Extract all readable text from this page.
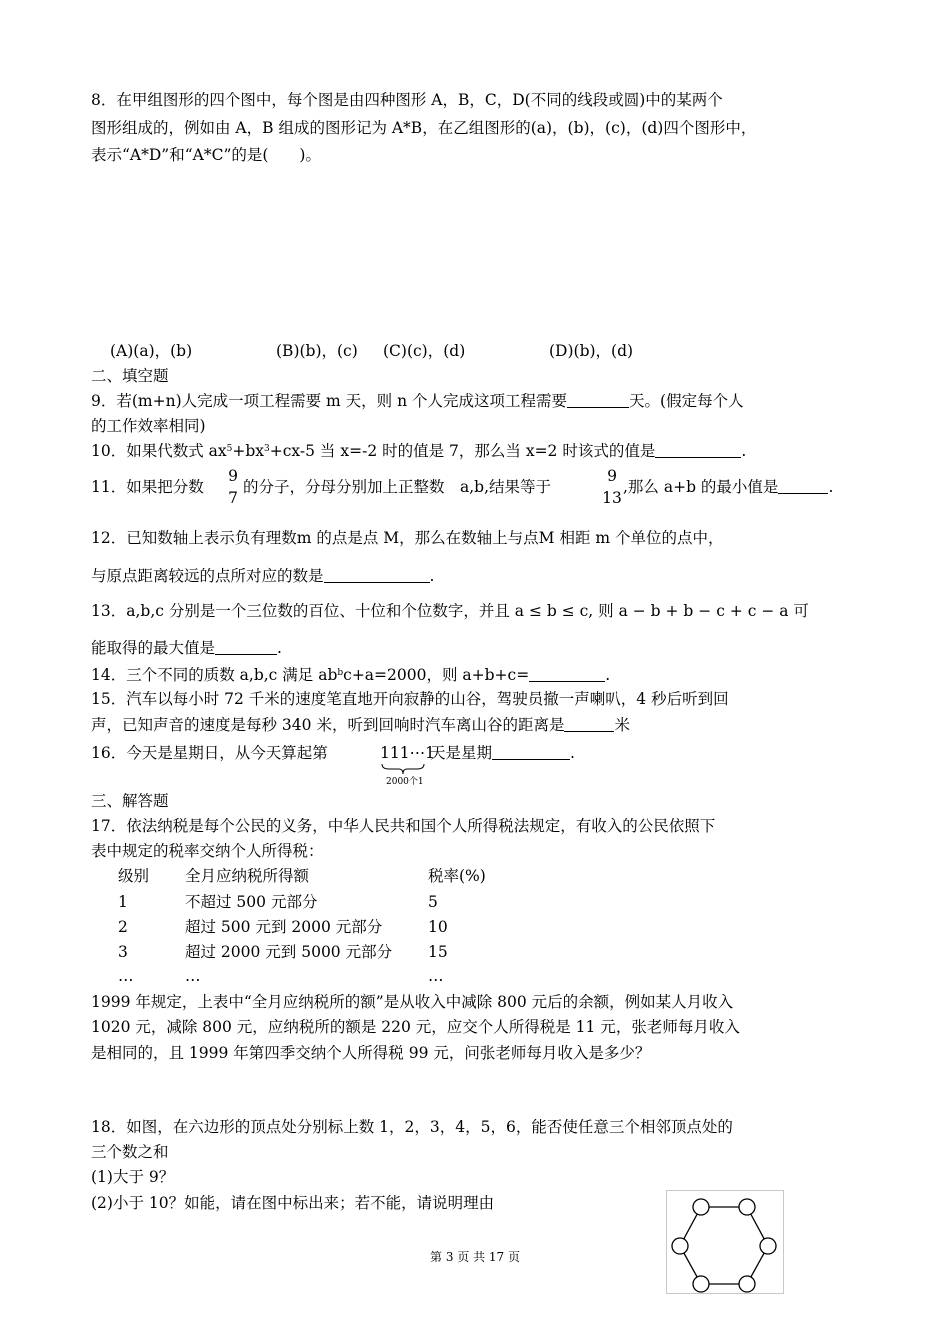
8．在甲组图形的四个图中，每个图是由四种图形 A，B，C，D(不同的线段或圆)中的某两个
图形组成的，例如由 A，B 组成的图形记为 A*B，在乙组图形的(a)，(b)，(c)，(d)四个图形中，
表示“A*D”和“A*C”的是(　　)。
(A)(a)，(b)	(B)(b)，(c) (C)(c)，(d)	(D)(b)，(d)
二、填空题
9．若(m+n)人完成一项工程需要 m 天，则 n 个人完成这项工程需要	天。(假定每个人
的工作效率相同)
10．如果代数式 $ax^5+bx^3+cx-5$ 当 x=-2 时的值是 7，那么当 x=2 时该式的值是	.
11．如果把分数
9
7
的分子，分母分别加上正整数　a,b,结果等于
9
13
,那么 a+b 的最小值是	.
12．已知数轴上表示负有理数m 的点是点 M，那么在数轴上与点M 相距 m 个单位的点中，
与原点距离较远的点所对应的数是	.
13．a,b,c 分别是一个三位数的百位、十位和个位数字，并且 a ≤ b ≤ c, 则 a − b + b − c + c − a 可
能取得的最大值是	.
14．三个不同的质数 a,b,c 满足 $ab^bc+a=2000$，则 a+b+c=	.
15．汽车以每小时 72 千米的速度笔直地开向寂静的山谷，驾驶员撤一声喇叭，4 秒后听到回
声，已知声音的速度是每秒 340 米，听到回响时汽车离山谷的距离是	米
16．今天是星期日，从今天算起第	111⋯1
2000个1
天是星期	.
三、解答题
17．依法纳税是每个公民的义务，中华人民共和国个人所得税法规定，有收入的公民依照下
表中规定的税率交纳个人所得税：
级别 全月应纳税所得额	税率(%)
1	不超过 500 元部分	5
2	超过 500 元到 2000 元部分	10
3	超过 2000 元到 5000 元部分 15
…	…	…
1999 年规定，上表中“全月应纳税所的额”是从收入中减除 800 元后的余额，例如某人月收入
1020 元，减除 800 元，应纳税所的额是 220 元，应交个人所得税是 11 元，张老师每月收入
是相同的，且 1999 年第四季交纳个人所得税 99 元，问张老师每月收入是多少？
18．如图，在六边形的顶点处分别标上数 1，2，3，4，5，6，能否使任意三个相邻顶点处的
三个数之和
(1)大于 9？
(2)小于 10？如能，请在图中标出来；若不能，请说明理由
第 3 页 共 17 页
